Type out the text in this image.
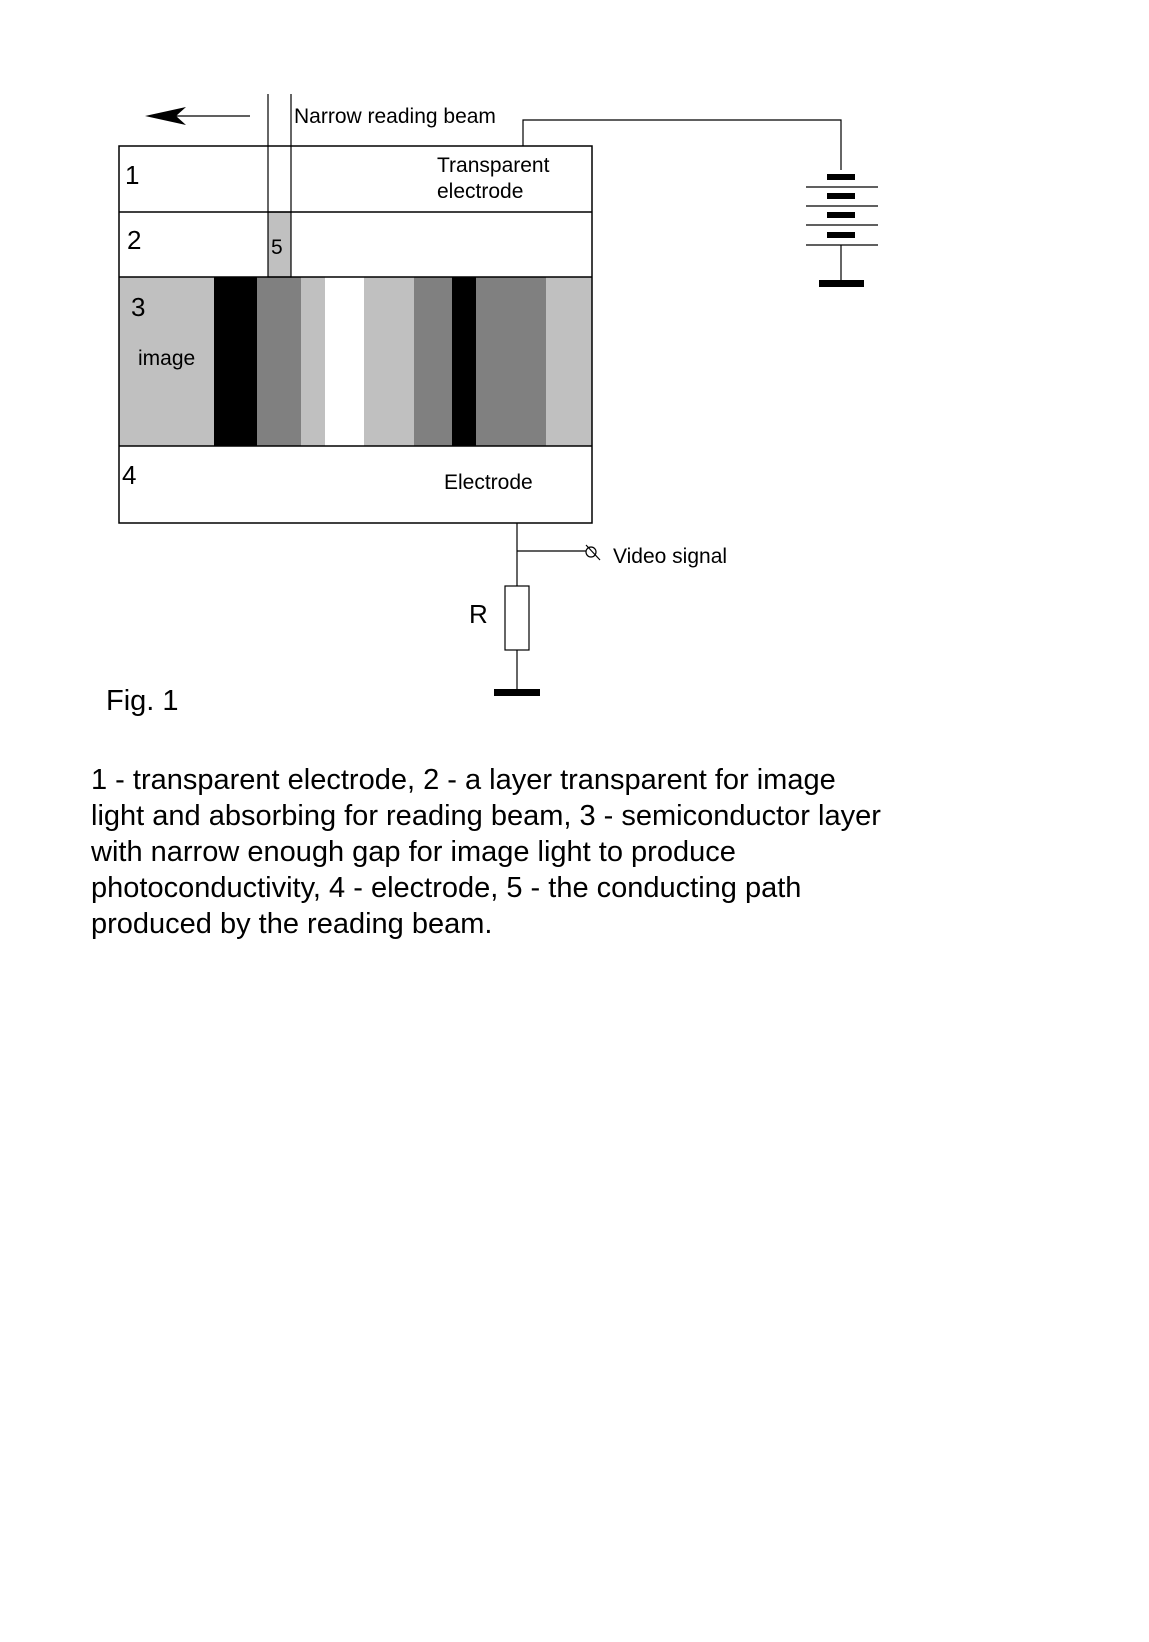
Narrow reading beam
Transparent
electrode
1
2	5
3
image
4	Electrode
Video signal
R
Fig. 1
1 - transparent electrode, 2 - a layer transparent for image
light and absorbing for reading beam, 3 - semiconductor layer
with narrow enough gap for image light to produce
photoconductivity, 4 - electrode, 5 - the conducting path
produced by the reading beam.
